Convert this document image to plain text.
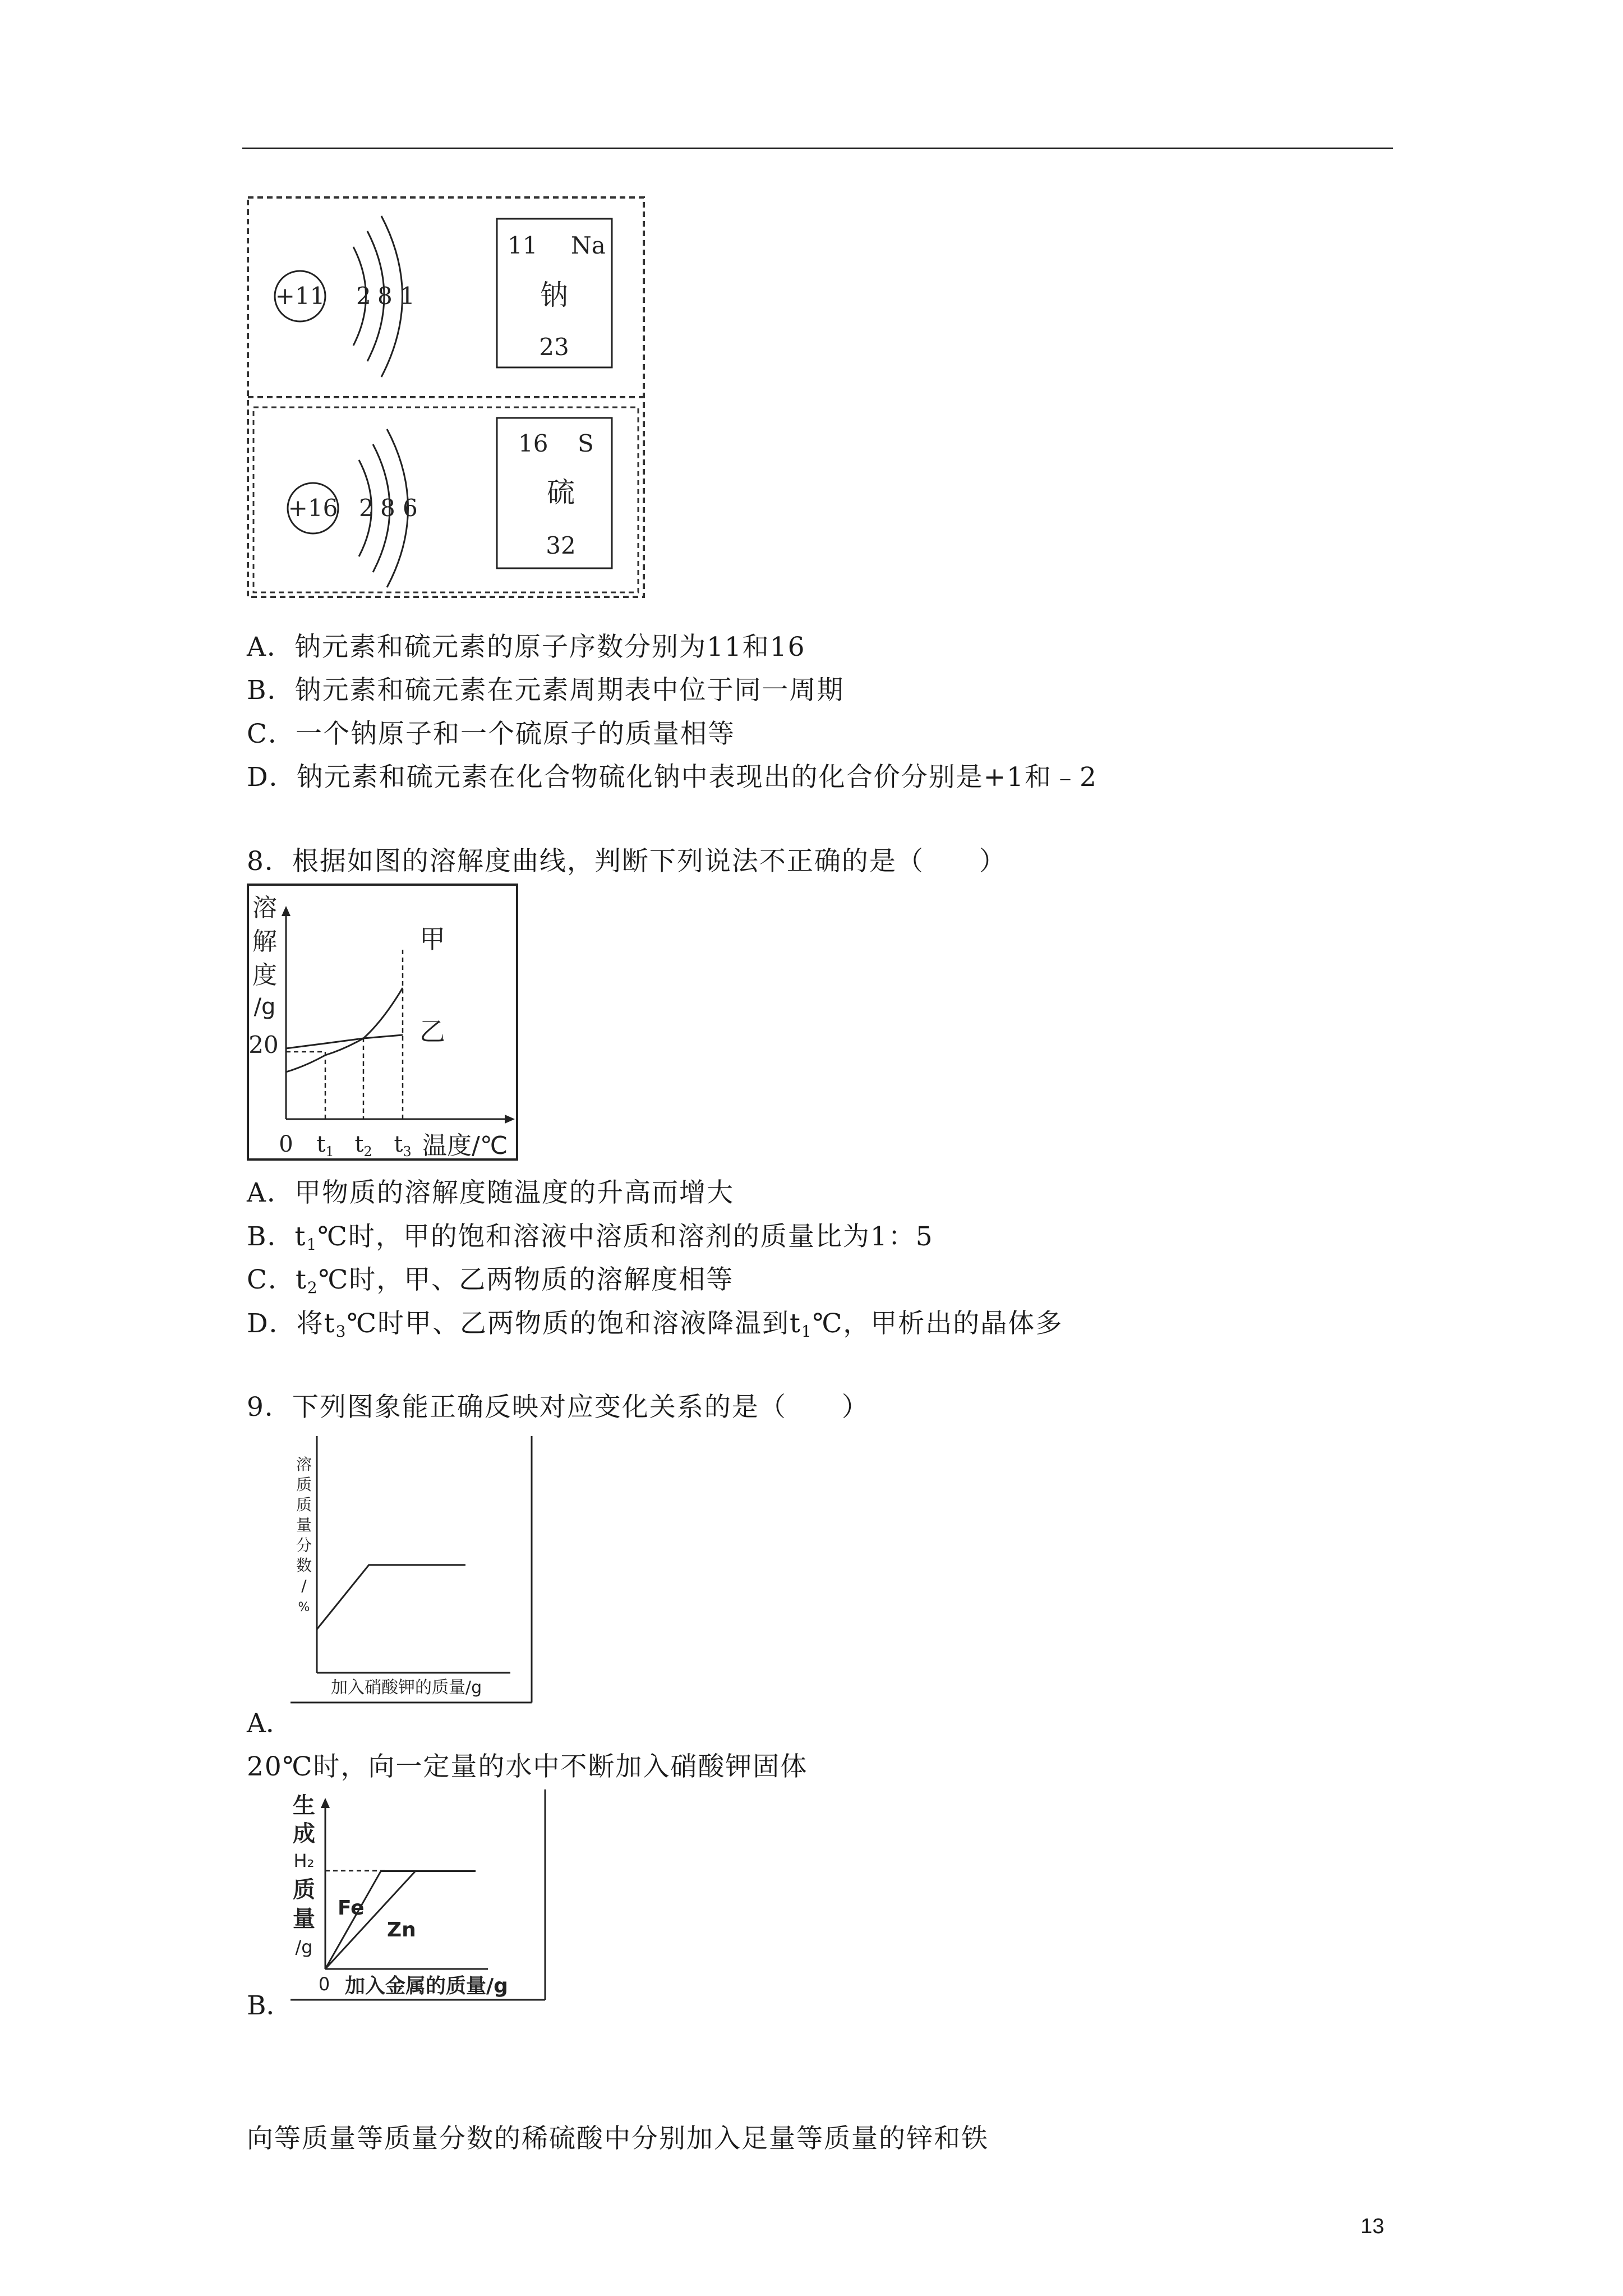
+11 2 8 1
11 Na
钠
23
+16 2 8 6
16 S
硫
32
A．钠元素和硫元素的原子序数分别为11和16
B．钠元素和硫元素在元素周期表中位于同一周期
C．一个钠原子和一个硫原子的质量相等
D．钠元素和硫元素在化合物硫化钠中表现出的化合价分别是+1和﹣2
8．根据如图的溶解度曲线，判断下列说法不正确的是（　　）
溶
解
度
/g
20
0 $t_1$ $t_2$ $t_3$ 温度/℃
甲
乙
A．甲物质的溶解度随温度的升高而增大
B．$t_1℃$时，甲的饱和溶液中溶质和溶剂的质量比为1：5
C．$t_2℃$时，甲、乙两物质的溶解度相等
D．将$t_3℃$时甲、乙两物质的饱和溶液降温到$t_1℃$，甲析出的晶体多
9．下列图象能正确反映对应变化关系的是（　　）
溶
质
质
量
分
数
/
%
加入硝酸钾的质量/g
A．
20℃时，向一定量的水中不断加入硝酸钾固体
生
成
H₂
质
量
/g
0
Fe
Zn
加入金属的质量/g
B．
向等质量等质量分数的稀硫酸中分别加入足量等质量的锌和铁
13
